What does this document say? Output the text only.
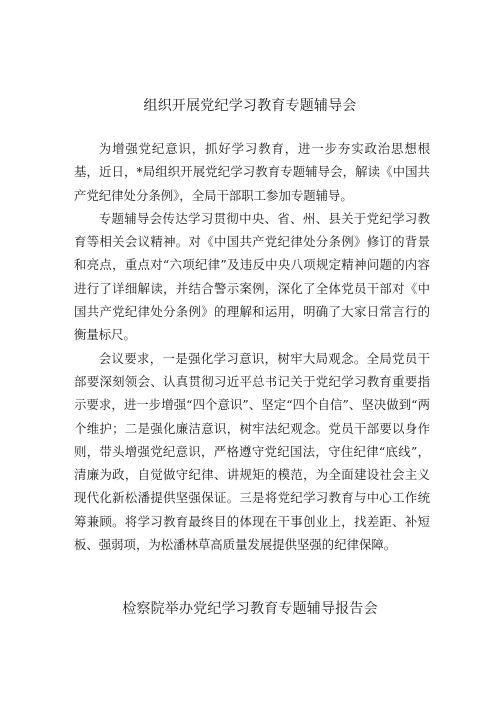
组织开展党纪学习教育专题辅导会

为增强党纪意识，抓好学习教育，进一步夯实政治思想根基，近日，*局组织开展党纪学习教育专题辅导会，解读《中国共产党纪律处分条例》，全局干部职工参加专题辅导。

专题辅导会传达学习贯彻中央、省、州、县关于党纪学习教育等相关会议精神。对《中国共产党纪律处分条例》修订的背景和亮点，重点对“六项纪律”及违反中央八项规定精神问题的内容进行了详细解读，并结合警示案例，深化了全体党员干部对《中国共产党纪律处分条例》的理解和运用，明确了大家日常言行的衡量标尺。

会议要求，一是强化学习意识，树牢大局观念。全局党员干部要深刻领会、认真贯彻习近平总书记关于党纪学习教育重要指示要求，进一步增强“四个意识”、坚定“四个自信”、坚决做到“两个维护；二是强化廉洁意识，树牢法纪观念。党员干部要以身作则，带头增强党纪意识，严格遵守党纪国法，守住纪律“底线”，清廉为政，自觉做守纪律、讲规矩的模范，为全面建设社会主义现代化新松潘提供坚强保证。三是将党纪学习教育与中心工作统筹兼顾。将学习教育最终目的体现在干事创业上，找差距、补短板、强弱项，为松潘林草高质量发展提供坚强的纪律保障。

检察院举办党纪学习教育专题辅导报告会
